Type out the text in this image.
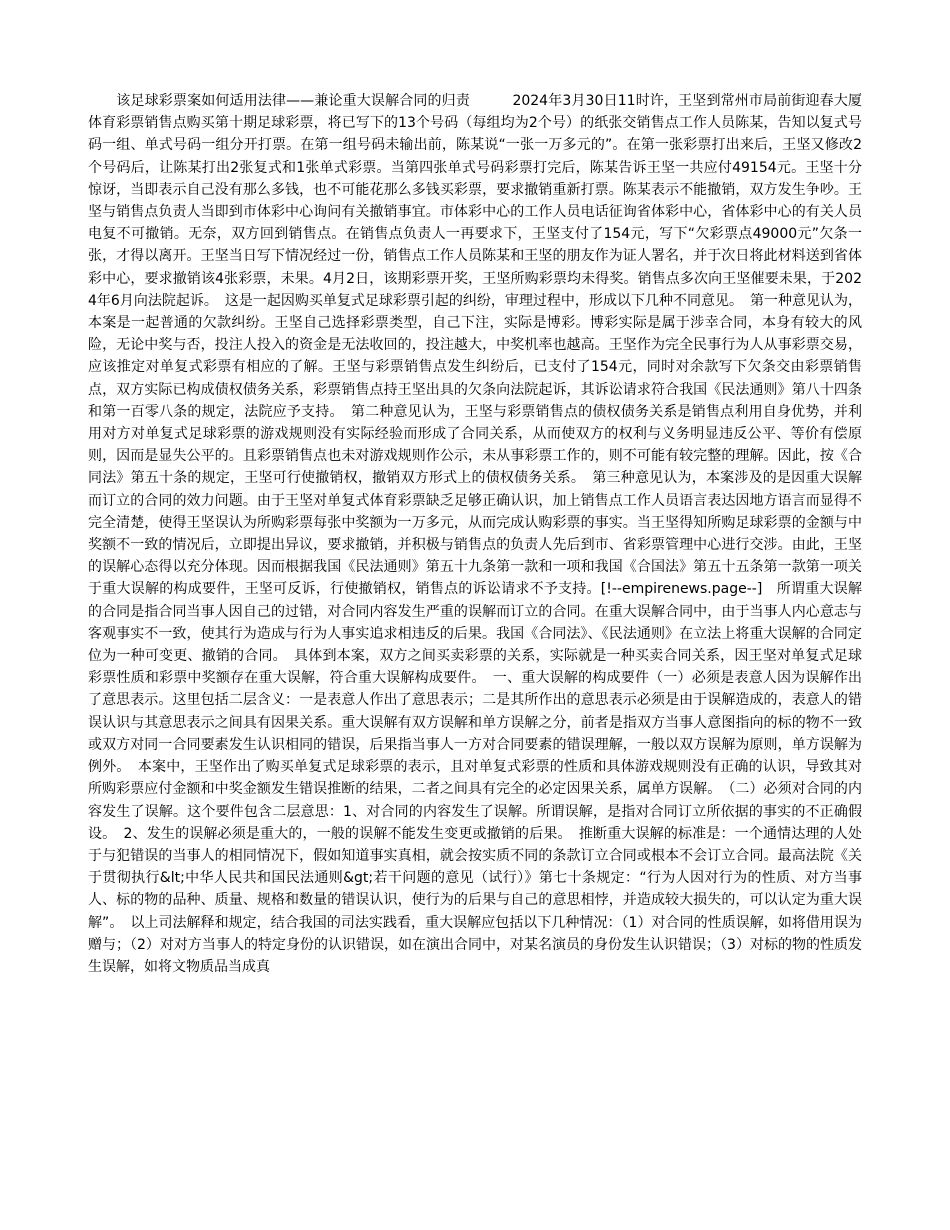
　　该足球彩票案如何适用法律——兼论重大误解合同的归责　　　2024年3月30日11时许，王坚到常州市局前街迎春大厦体育彩票销售点购买第十期足球彩票，将已写下的13个号码（每组均为2个号）的纸张交销售点工作人员陈某，告知以复式号码一组、单式号码一组分开打票。在第一组号码未输出前，陈某说“一张一万多元的”。在第一张彩票打出来后，王坚又修改2个号码后，让陈某打出2张复式和1张单式彩票。当第四张单式号码彩票打完后，陈某告诉王坚一共应付49154元。王坚十分惊讶，当即表示自己没有那么多钱，也不可能花那么多钱买彩票，要求撤销重新打票。陈某表示不能撤销，双方发生争吵。王坚与销售点负责人当即到市体彩中心询问有关撤销事宜。市体彩中心的工作人员电话征询省体彩中心，省体彩中心的有关人员电复不可撤销。无奈，双方回到销售点。在销售点负责人一再要求下，王坚支付了154元，写下“欠彩票点49000元”欠条一张，才得以离开。王坚当日写下情况经过一份，销售点工作人员陈某和王坚的朋友作为证人署名，并于次日将此材料送到省体彩中心，要求撤销该4张彩票，未果。4月2日，该期彩票开奖，王坚所购彩票均未得奖。销售点多次向王坚催要未果，于2024年6月向法院起诉。　这是一起因购买单复式足球彩票引起的纠纷，审理过程中，形成以下几种不同意见。　第一种意见认为，本案是一起普通的欠款纠纷。王坚自己选择彩票类型，自己下注，实际是博彩。博彩实际是属于涉幸合同，本身有较大的风险，无论中奖与否，投注人投入的资金是无法收回的，投注越大，中奖机率也越高。王坚作为完全民事行为人从事彩票交易，应该推定对单复式彩票有相应的了解。王坚与彩票销售点发生纠纷后，已支付了154元，同时对余款写下欠条交由彩票销售点，双方实际已构成债权债务关系，彩票销售点持王坚出具的欠条向法院起诉，其诉讼请求符合我国《民法通则》第八十四条和第一百零八条的规定，法院应予支持。　第二种意见认为，王坚与彩票销售点的债权债务关系是销售点利用自身优势，并利用对方对单复式足球彩票的游戏规则没有实际经验而形成了合同关系，从而使双方的权利与义务明显违反公平、等价有偿原则，因而是显失公平的。且彩票销售点也未对游戏规则作公示，未从事彩票工作的，则不可能有较完整的理解。因此，按《合同法》第五十条的规定，王坚可行使撤销权，撤销双方形式上的债权债务关系。　第三种意见认为，本案涉及的是因重大误解而订立的合同的效力问题。由于王坚对单复式体育彩票缺乏足够正确认识，加上销售点工作人员语言表达因地方语言而显得不完全清楚，使得王坚误认为所购彩票每张中奖额为一万多元，从而完成认购彩票的事实。当王坚得知所购足球彩票的金额与中奖额不一致的情况后，立即提出异议，要求撤销，并积极与销售点的负责人先后到市、省彩票管理中心进行交涉。由此，王坚的误解心态得以充分体现。因而根据我国《民法通则》第五十九条第一款和一项和我国《合国法》第五十五条第一款第一项关于重大误解的构成要件，王坚可反诉，行使撤销权，销售点的诉讼请求不予支持。[!--empirenews.page--]　所谓重大误解的合同是指合同当事人因自己的过错，对合同内容发生严重的误解而订立的合同。在重大误解合同中，由于当事人内心意志与客观事实不一致，使其行为造成与行为人事实追求相违反的后果。我国《合同法》、《民法通则》在立法上将重大误解的合同定位为一种可变更、撤销的合同。　具体到本案，双方之间买卖彩票的关系，实际就是一种买卖合同关系，因王坚对单复式足球彩票性质和彩票中奖额存在重大误解，符合重大误解构成要件。　一、重大误解的构成要件（一）必须是表意人因为误解作出了意思表示。这里包括二层含义：一是表意人作出了意思表示；二是其所作出的意思表示必须是由于误解造成的，表意人的错误认识与其意思表示之间具有因果关系。重大误解有双方误解和单方误解之分，前者是指双方当事人意图指向的标的物不一致或双方对同一合同要素发生认识相同的错误，后果指当事人一方对合同要素的错误理解，一般以双方误解为原则，单方误解为例外。　本案中，王坚作出了购买单复式足球彩票的表示，且对单复式彩票的性质和具体游戏规则没有正确的认识，导致其对所购彩票应付金额和中奖金额发生错误推断的结果，二者之间具有完全的必定因果关系，属单方误解。　（二）必须对合同的内容发生了误解。这个要件包含二层意思：1、对合同的内容发生了误解。所谓误解，是指对合同订立所依据的事实的不正确假设。　2、发生的误解必须是重大的，一般的误解不能发生变更或撤销的后果。　推断重大误解的标准是：一个通情达理的人处于与犯错误的当事人的相同情况下，假如知道事实真相，就会按实质不同的条款订立合同或根本不会订立合同。最高法院《关于贯彻执行&lt;中华人民共和国民法通则&gt;若干问题的意见（试行）》第七十条规定：“行为人因对行为的性质、对方当事人、标的物的品种、质量、规格和数量的错误认识，使行为的后果与自己的意思相悖，并造成较大损失的，可以认定为重大误解”。　以上司法解释和规定，结合我国的司法实践看，重大误解应包括以下几种情况：（1）对合同的性质误解，如将借用误为赠与；（2）对对方当事人的特定身份的认识错误，如在演出合同中，对某名演员的身份发生认识错误；（3）对标的物的性质发生误解，如将文物质品当成真
